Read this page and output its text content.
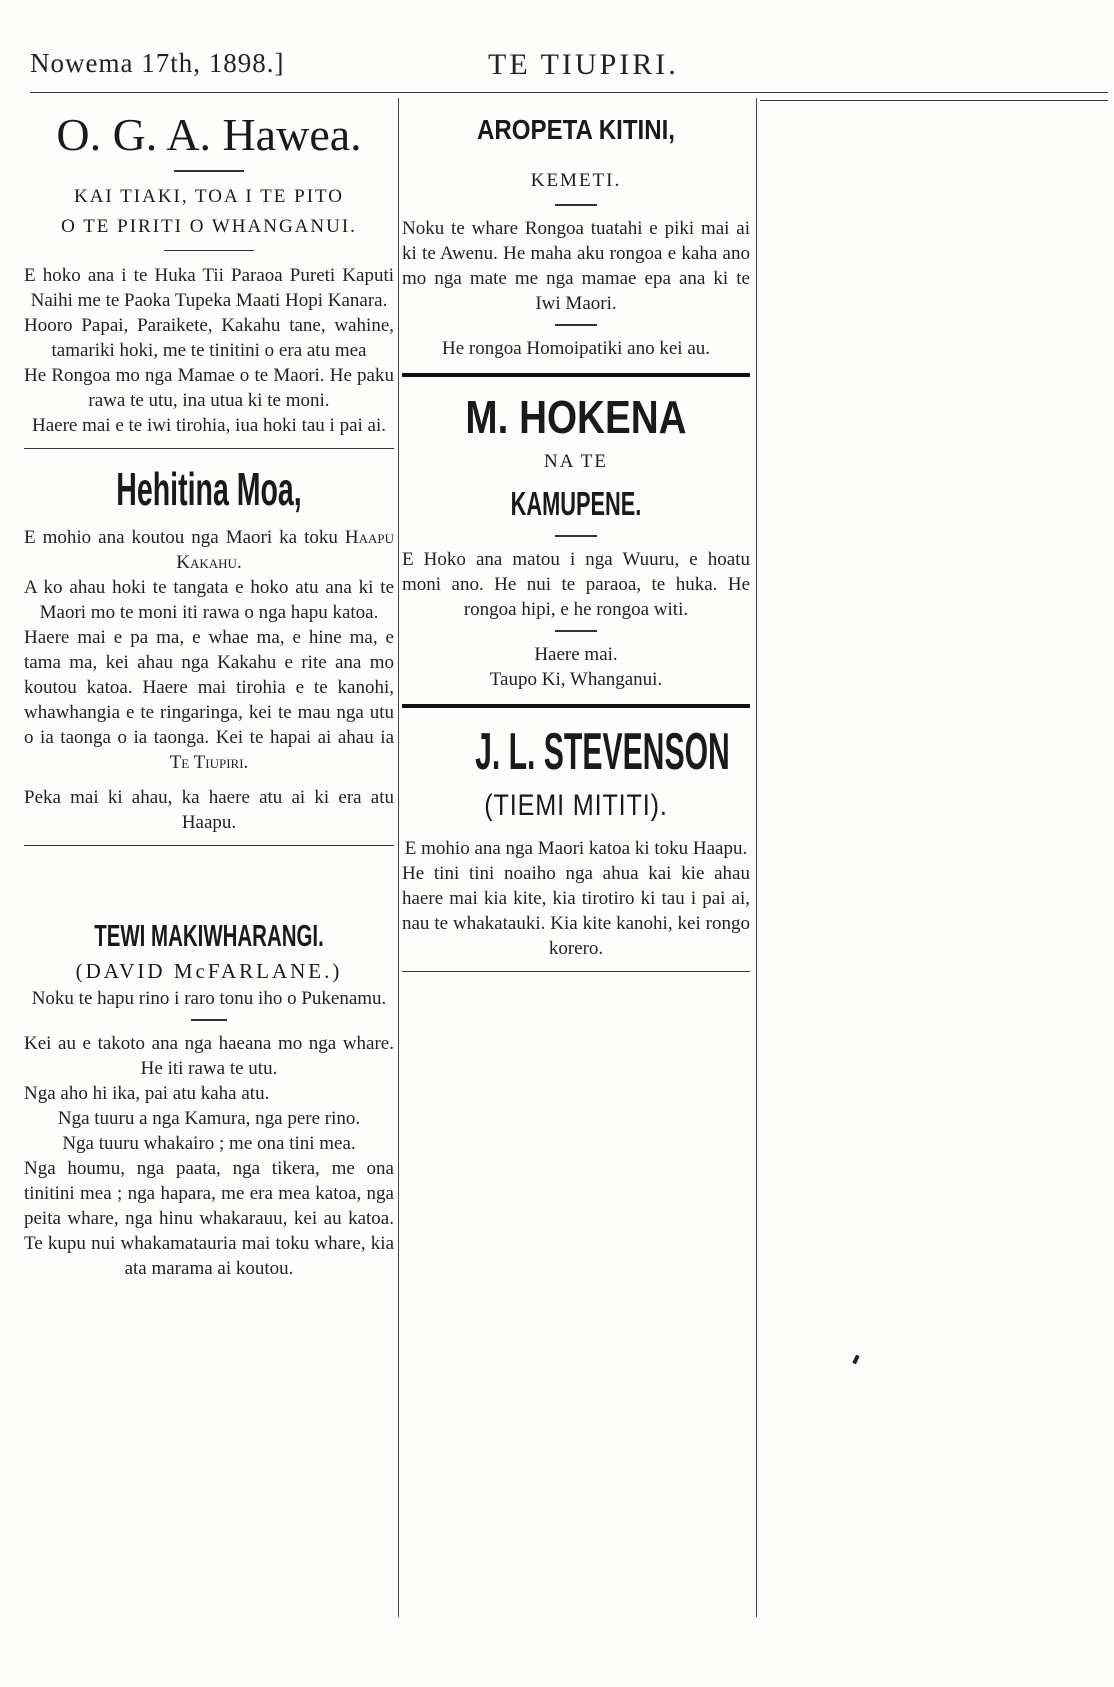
Nowema 17th, 1898.]	TE TIUPIRI.
O. G. A. Hawea.
KAI TIAKI, TOA I TE PITO
O TE PIRITI O WHANGANUI.

E hoko ana i te Huka Tii Paraoa Pureti Kaputi Naihi me te Paoka Tupeka Maati Hopi Kanara.

Hooro Papai, Paraikete, Kakahu tane, wahine, tamariki hoki, me te tinitini o era atu mea

He Rongoa mo nga Mamae o te Maori. He paku rawa te utu, ina utua ki te moni.

Haere mai e te iwi tirohia, iua hoki tau i pai ai.

Hehitina Moa,

E mohio ana koutou nga Maori ka toku Haapu Kakahu.

A ko ahau hoki te tangata e hoko atu ana ki te Maori mo te moni iti rawa o nga hapu katoa.

Haere mai e pa ma, e whae ma, e hine ma, e tama ma, kei ahau nga Kakahu e rite ana mo koutou katoa. Haere mai tirohia e te kanohi, whawhangia e te ringaringa, kei te mau nga utu o ia taonga o ia taonga. Kei te hapai ai ahau ia Te Tiupiri.

Peka mai ki ahau, ka haere atu ai ki era atu Haapu.

TEWI MAKIWHARANGI.
(DAVID McFARLANE.)

Noku te hapu rino i raro tonu iho o Pukenamu.

Kei au e takoto ana nga haeana mo nga whare. He iti rawa te utu.

Nga aho hi ika, pai atu kaha atu.

Nga tuuru a nga Kamura, nga pere rino.

Nga tuuru whakairo ; me ona tini mea.

Nga houmu, nga paata, nga tikera, me ona tinitini mea ; nga hapara, me era mea katoa, nga peita whare, nga hinu whakarauu, kei au katoa. Te kupu nui whakamatauria mai toku whare, kia ata marama ai koutou.

AROPETA KITINI,
KEMETI.

Noku te whare Rongoa tuatahi e piki mai ai ki te Awenu. He maha aku rongoa e kaha ano mo nga mate me nga mamae epa ana ki te Iwi Maori.

He rongoa Homoipatiki ano kei au.

M. HOKENA
NA TE
KAMUPENE.

E Hoko ana matou i nga Wuuru, e hoatu moni ano. He nui te paraoa, te huka. He rongoa hipi, e he rongoa witi.

Haere mai.

Taupo Ki, Whanganui.

J. L. STEVENSON
(TIEMI MITITI).

E mohio ana nga Maori katoa ki toku Haapu.

He tini tini noaiho nga ahua kai kie ahau haere mai kia kite, kia tirotiro ki tau i pai ai, nau te whakatauki. Kia kite kanohi, kei rongo korero.
